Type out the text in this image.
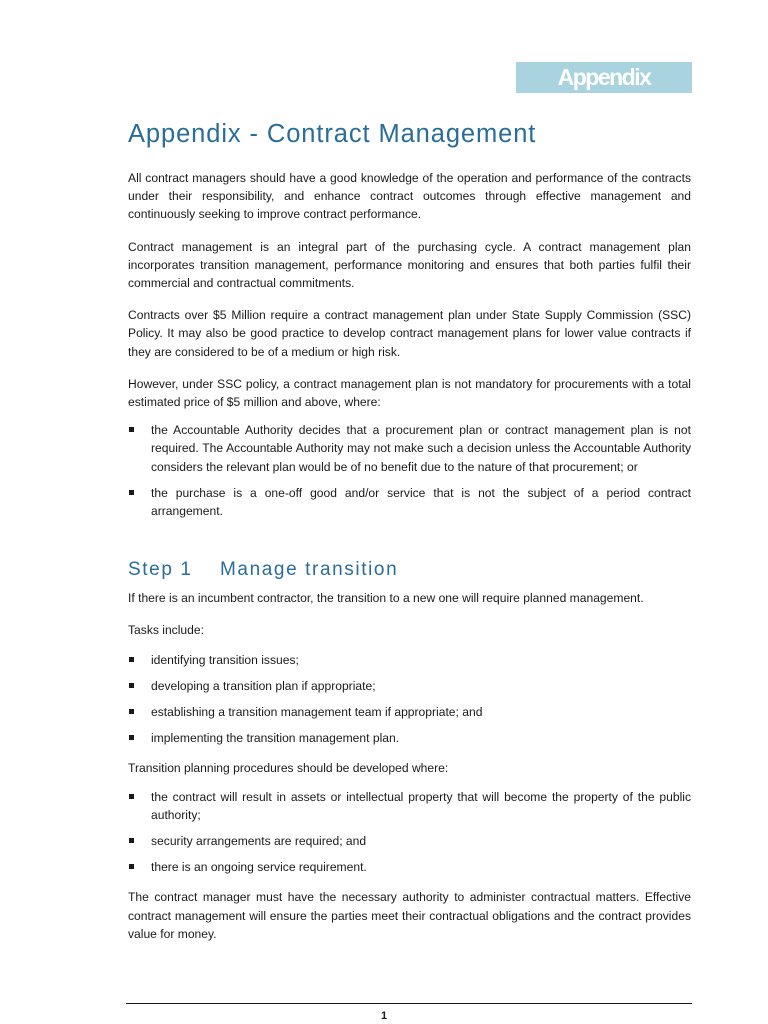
Appendix
Appendix - Contract Management

All contract managers should have a good knowledge of the operation and performance of the contracts under their responsibility, and enhance contract outcomes through effective management and continuously seeking to improve contract performance.

Contract management is an integral part of the purchasing cycle. A contract management plan incorporates transition management, performance monitoring and ensures that both parties fulfil their commercial and contractual commitments.

Contracts over $5 Million require a contract management plan under State Supply Commission (SSC) Policy. It may also be good practice to develop contract management plans for lower value contracts if they are considered to be of a medium or high risk.

However, under SSC policy, a contract management plan is not mandatory for procurements with a total estimated price of $5 million and above, where:

the Accountable Authority decides that a procurement plan or contract management plan is not required. The Accountable Authority may not make such a decision unless the Accountable Authority considers the relevant plan would be of no benefit due to the nature of that procurement; or
the purchase is a one-off good and/or service that is not the subject of a period contract arrangement.
Step 1 Manage transition

If there is an incumbent contractor, the transition to a new one will require planned management.

Tasks include:

identifying transition issues;
developing a transition plan if appropriate;
establishing a transition management team if appropriate; and
implementing the transition management plan.

Transition planning procedures should be developed where:

the contract will result in assets or intellectual property that will become the property of the public authority;
security arrangements are required; and
there is an ongoing service requirement.

The contract manager must have the necessary authority to administer contractual matters. Effective contract management will ensure the parties meet their contractual obligations and the contract provides value for money.

1
